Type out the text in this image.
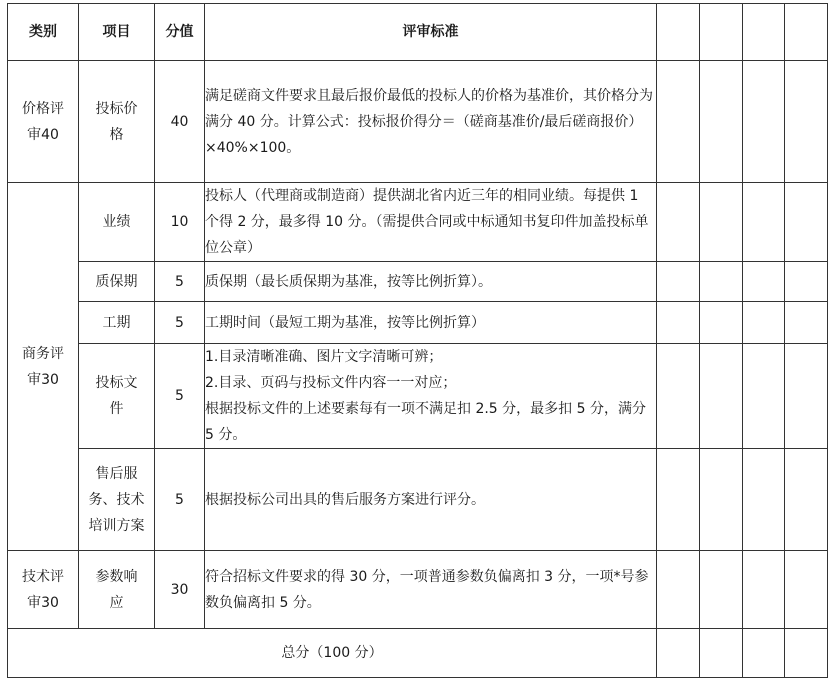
类别	项目	分值	评审标准				

价格评审40	投标价格	40	满足磋商文件要求且最后报价最低的投标人的价格为基准价，其价格分为满分 40 分。计算公式：投标报价得分＝（磋商基准价/最后磋商报价）×40%×100。				

商务评审30	业绩	10	投标人（代理商或制造商）提供湖北省内近三年的相同业绩。每提供 1 个得 2 分，最多得 10 分。（需提供合同或中标通知书复印件加盖投标单位公章）				
	质保期	5	质保期（最长质保期为基准，按等比例折算）。				
	工期	5	工期时间（最短工期为基准，按等比例折算）				

	投标文件	5	1.目录清晰准确、图片文字清晰可辨；
2.目录、页码与投标文件内容一一对应；
根据投标文件的上述要素每有一项不满足扣 2.5 分，最多扣 5 分，满分 5 分。				

	售后服务、技术培训方案	5	根据投标公司出具的售后服务方案进行评分。				

技术评审30	参数响应	30	符合招标文件要求的得 30 分，一项普通参数负偏离扣 3 分，一项*号参数负偏离扣 5 分。				
总分（100 分）							
